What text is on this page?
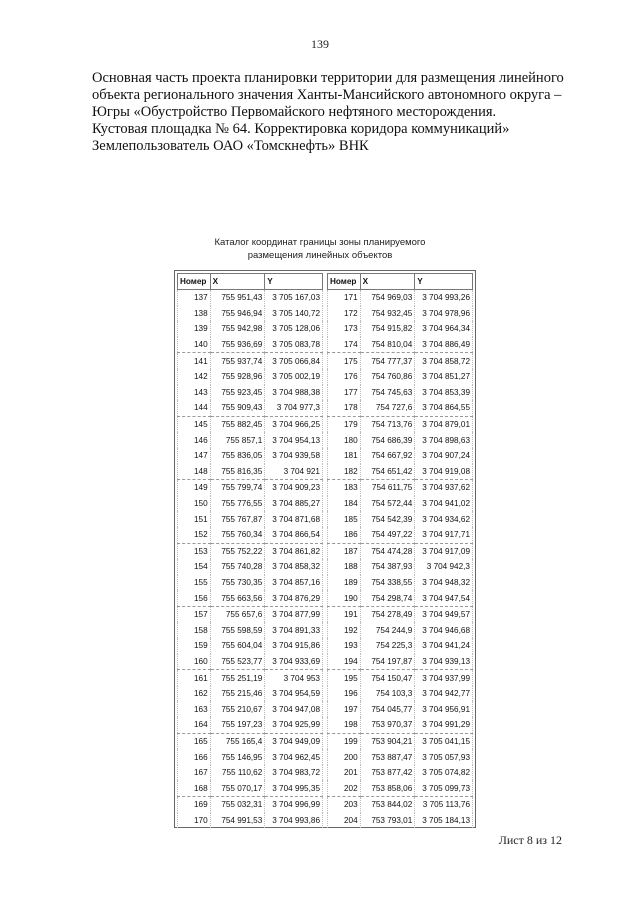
139
Основная часть проекта планировки территории для размещения линейного
объекта регионального значения Ханты-Мансийского автономного округа –
Югры «Обустройство Первомайского нефтяного месторождения.
Кустовая площадка № 64. Корректировка коридора коммуникаций»
Землепользователь ОАО «Томскнефть» ВНК
Каталог координат границы зоны планируемого
размещения линейных объектов
Номер	X	Y
137	755 951,43	3 705 167,03
138	755 946,94	3 705 140,72
139	755 942,98	3 705 128,06
140	755 936,69	3 705 083,78
141	755 937,74	3 705 066,84
142	755 928,96	3 705 002,19
143	755 923,45	3 704 988,38
144	755 909,43	3 704 977,3
145	755 882,45	3 704 966,25
146	755 857,1	3 704 954,13
147	755 836,05	3 704 939,58
148	755 816,35	3 704 921
149	755 799,74	3 704 909,23
150	755 776,55	3 704 885,27
151	755 767,87	3 704 871,68
152	755 760,34	3 704 866,54
153	755 752,22	3 704 861,82
154	755 740,28	3 704 858,32
155	755 730,35	3 704 857,16
156	755 663,56	3 704 876,29
157	755 657,6	3 704 877,99
158	755 598,59	3 704 891,33
159	755 604,04	3 704 915,86
160	755 523,77	3 704 933,69
161	755 251,19	3 704 953
162	755 215,46	3 704 954,59
163	755 210,67	3 704 947,08
164	755 197,23	3 704 925,99
165	755 165,4	3 704 949,09
166	755 146,95	3 704 962,45
167	755 110,62	3 704 983,72
168	755 070,17	3 704 995,35
169	755 032,31	3 704 996,99
170	754 991,53	3 704 993,86
Номер	X	Y
171	754 969,03	3 704 993,26
172	754 932,45	3 704 978,96
173	754 915,82	3 704 964,34
174	754 810,04	3 704 886,49
175	754 777,37	3 704 858,72
176	754 760,86	3 704 851,27
177	754 745,63	3 704 853,39
178	754 727,6	3 704 864,55
179	754 713,76	3 704 879,01
180	754 686,39	3 704 898,63
181	754 667,92	3 704 907,24
182	754 651,42	3 704 919,08
183	754 611,75	3 704 937,62
184	754 572,44	3 704 941,02
185	754 542,39	3 704 934,62
186	754 497,22	3 704 917,71
187	754 474,28	3 704 917,09
188	754 387,93	3 704 942,3
189	754 338,55	3 704 948,32
190	754 298,74	3 704 947,54
191	754 278,49	3 704 949,57
192	754 244,9	3 704 946,68
193	754 225,3	3 704 941,24
194	754 197,87	3 704 939,13
195	754 150,47	3 704 937,99
196	754 103,3	3 704 942,77
197	754 045,77	3 704 956,91
198	753 970,37	3 704 991,29
199	753 904,21	3 705 041,15
200	753 887,47	3 705 057,93
201	753 877,42	3 705 074,82
202	753 858,06	3 705 099,73
203	753 844,02	3 705 113,76
204	753 793,01	3 705 184,13
Лист 8 из 12
